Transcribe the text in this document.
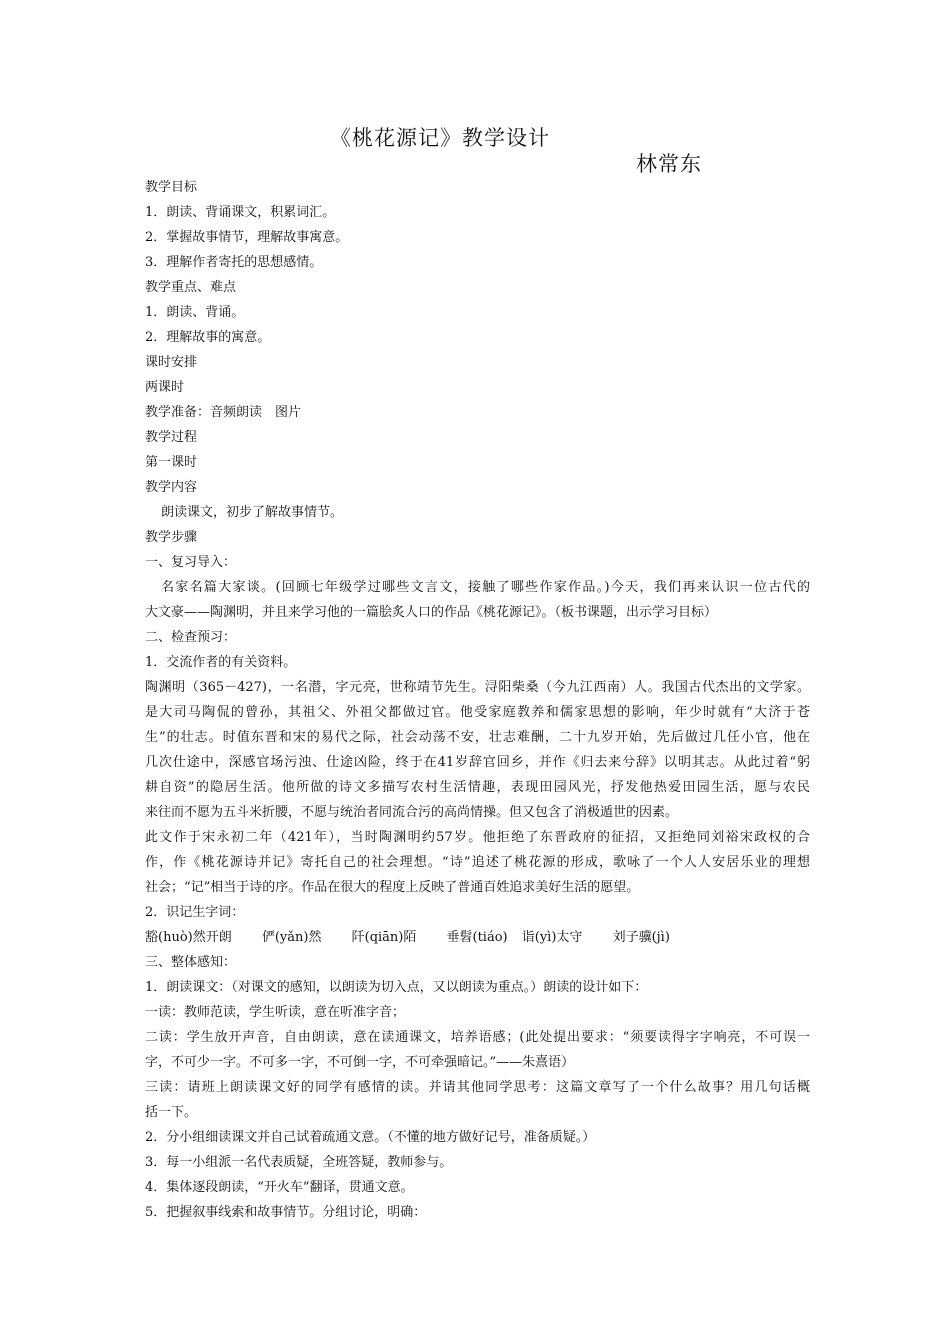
《桃花源记》教学设计
林常东
教学目标
1．朗读、背诵课文，积累词汇。
2．掌握故事情节，理解故事寓意。
3．理解作者寄托的思想感情。
教学重点、难点
1．朗读、背诵。
2．理解故事的寓意。
课时安排
两课时
教学准备：音频朗读　图片
教学过程
第一课时
教学内容
朗读课文，初步了解故事情节。
教学步骤
一、复习导入：
名家名篇大家谈。(回顾七年级学过哪些文言文，接触了哪些作家作品。)今天，我们再来认识一位古代的
大文豪——陶渊明，并且来学习他的一篇脍炙人口的作品《桃花源记》。（板书课题，出示学习目标）
二、检查预习：
1．交流作者的有关资料。
陶渊明（365－427)，一名潜，字元亮，世称靖节先生。浔阳柴桑（今九江西南）人。我国古代杰出的文学家。
是大司马陶侃的曾孙，其祖父、外祖父都做过官。他受家庭教养和儒家思想的影响，年少时就有“大济于苍
生”的壮志。时值东晋和宋的易代之际，社会动荡不安，壮志难酬，二十九岁开始，先后做过几任小官，他在
几次仕途中，深感官场污浊、仕途凶险，终于在41岁辞官回乡，并作《归去来兮辞》以明其志。从此过着“躬
耕自资”的隐居生活。他所做的诗文多描写农村生活情趣，表现田园风光，抒发他热爱田园生活，愿与农民
来往而不愿为五斗米折腰，不愿与统治者同流合污的高尚情操。但又包含了消极遁世的因素。
此文作于宋永初二年（421年），当时陶渊明约57岁。他拒绝了东晋政府的征招，又拒绝同刘裕宋政权的合
作，作《桃花源诗并记》寄托自己的社会理想。“诗”追述了桃花源的形成，歌咏了一个人人安居乐业的理想
社会；“记”相当于诗的序。作品在很大的程度上反映了普通百姓追求美好生活的愿望。
2．识记生字词：
豁(huò)然开朗 俨(yǎn)然 阡(qiān)陌 垂髫(tiáo) 诣(yì)太守 刘子骥(jì)
三、整体感知：
1．朗读课文：（对课文的感知，以朗读为切入点，又以朗读为重点。）朗读的设计如下：
一读：教师范读，学生听读，意在听准字音；
二读：学生放开声音，自由朗读，意在读通课文，培养语感；(此处提出要求：“须要读得字字响亮，不可误一
字，不可少一字。不可多一字，不可倒一字，不可牵强暗记。”——朱熹语）
三读：请班上朗读课文好的同学有感情的读。并请其他同学思考：这篇文章写了一个什么故事？用几句话概
括一下。
2．分小组细读课文并自己试着疏通文意。（不懂的地方做好记号，准备质疑。）
3．每一小组派一名代表质疑，全班答疑，教师参与。
4．集体逐段朗读，“开火车”翻译，贯通文意。
5．把握叙事线索和故事情节。分组讨论，明确：
